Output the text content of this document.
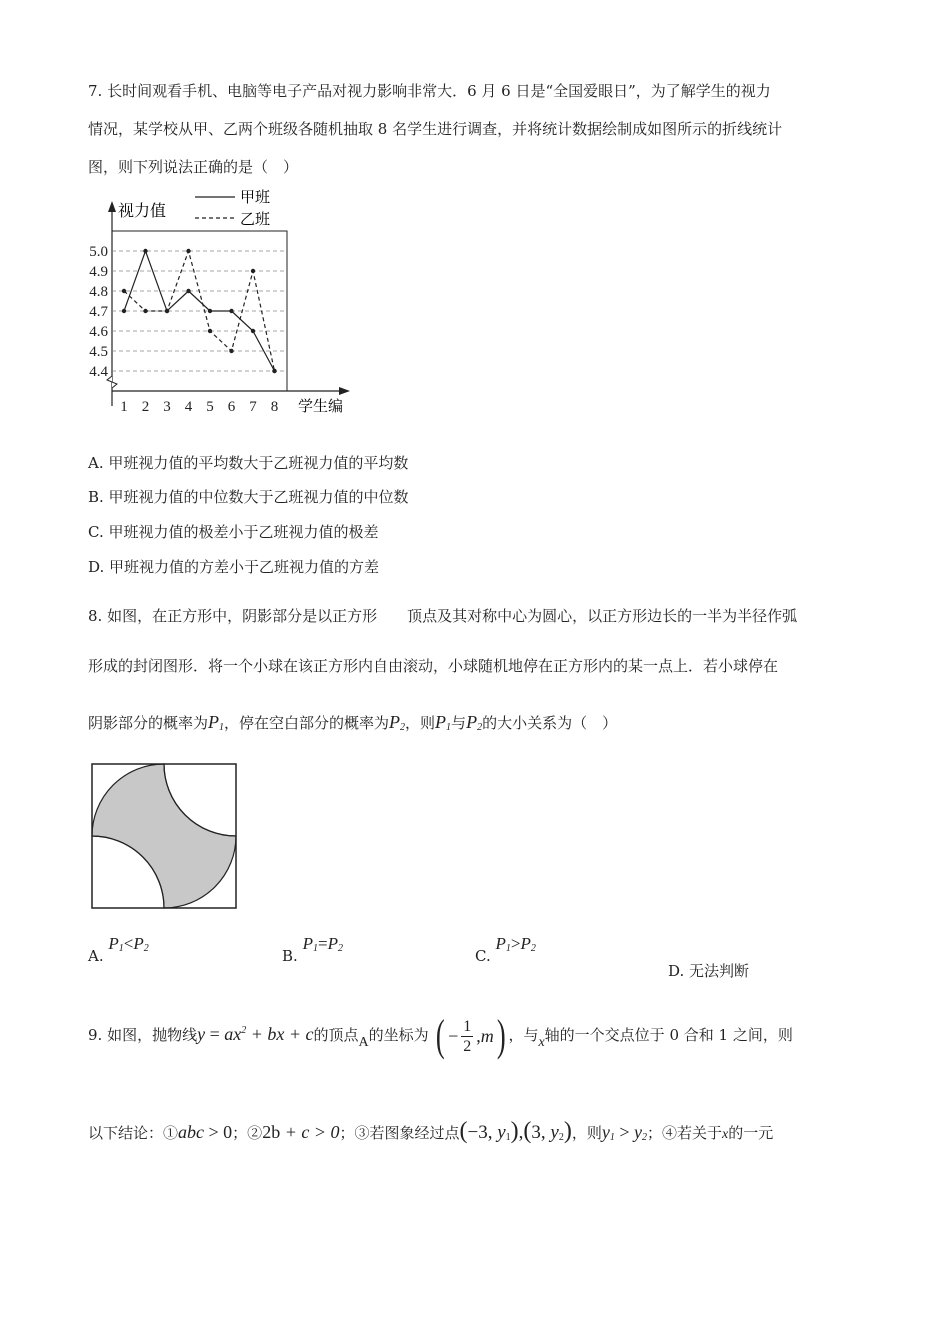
7. 长时间观看手机、电脑等电子产品对视力影响非常大．6 月 6 日是“全国爱眼日”，为了解学生的视力
情况，某学校从甲、乙两个班级各随机抽取 8 名学生进行调查，并将统计数据绘制成如图所示的折线统计
图，则下列说法正确的是（　）
5.0
4.9
4.8
4.7
4.6
4.5
4.4
1 2 3 4 5 6 7 8
视力值
学生编
甲班
乙班
A. 甲班视力值的平均数大于乙班视力值的平均数
B. 甲班视力值的中位数大于乙班视力值的中位数
C. 甲班视力值的极差小于乙班视力值的极差
D. 甲班视力值的方差小于乙班视力值的方差
8. 如图，在正方形中，阴影部分是以正方形 顶点及其对称中心为圆心，以正方形边长的一半为半径作弧
形成的封闭图形．将一个小球在该正方形内自由滚动，小球随机地停在正方形内的某一点上．若小球停在
阴影部分的概率为$P_1$，停在空白部分的概率为$P_2$，则$P_1$与$P_2$的大小关系为（　）
A. $P_1<P_2$	B. $P_1=P_2$	C. $P_1>P_2$
D. 无法判断
9. 如图，抛物线$y = ax^2$ + bx + c的顶点A的坐标为 ( − $\frac{1}{2}$ , m ) ，与x轴的一个交点位于 0 合和 1 之间，则
以下结论：①abc > 0；②2b + c > 0；③若图象经过点(−3, $y_1),(3$, $y_2$)，则$y_1 > y_2$；④若关于x的一元
